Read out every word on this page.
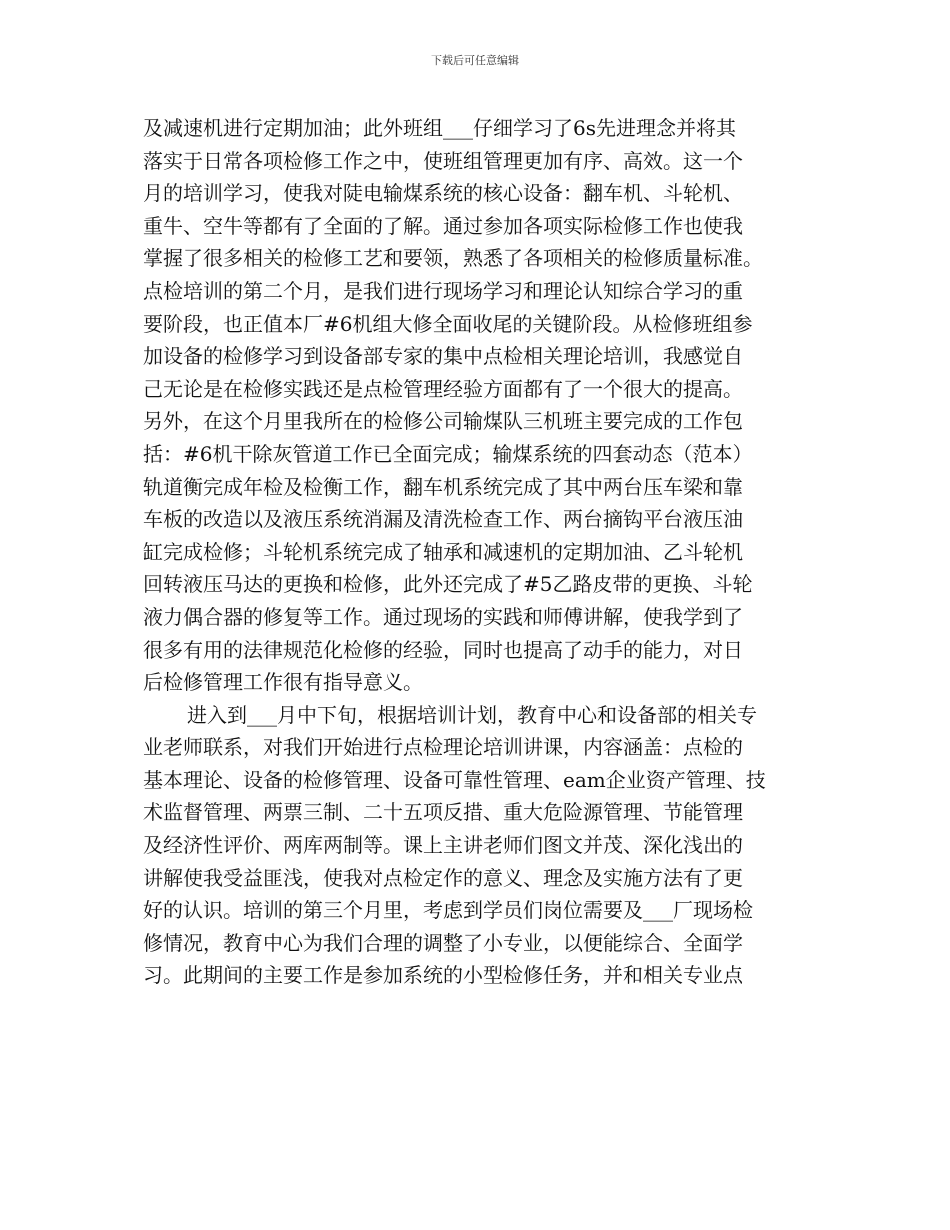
下载后可任意编辑
及减速机进行定期加油；此外班组___仔细学习了6s先进理念并将其
落实于日常各项检修工作之中，使班组管理更加有序、高效。这一个
月的培训学习，使我对陡电输煤系统的核心设备：翻车机、斗轮机、
重牛、空牛等都有了全面的了解。通过参加各项实际检修工作也使我
掌握了很多相关的检修工艺和要领，熟悉了各项相关的检修质量标准。
点检培训的第二个月，是我们进行现场学习和理论认知综合学习的重
要阶段，也正值本厂#6机组大修全面收尾的关键阶段。从检修班组参
加设备的检修学习到设备部专家的集中点检相关理论培训，我感觉自
己无论是在检修实践还是点检管理经验方面都有了一个很大的提高。
另外，在这个月里我所在的检修公司输煤队三机班主要完成的工作包
括：#6机干除灰管道工作已全面完成；输煤系统的四套动态（范本）
轨道衡完成年检及检衡工作，翻车机系统完成了其中两台压车梁和靠
车板的改造以及液压系统消漏及清洗检查工作、两台摘钩平台液压油
缸完成检修；斗轮机系统完成了轴承和减速机的定期加油、乙斗轮机
回转液压马达的更换和检修，此外还完成了#5乙路皮带的更换、斗轮
液力偶合器的修复等工作。通过现场的实践和师傅讲解，使我学到了
很多有用的法律规范化检修的经验，同时也提高了动手的能力，对日
后检修管理工作很有指导意义。
进入到___月中下旬，根据培训计划，教育中心和设备部的相关专
业老师联系，对我们开始进行点检理论培训讲课，内容涵盖：点检的
基本理论、设备的检修管理、设备可靠性管理、eam企业资产管理、技
术监督管理、两票三制、二十五项反措、重大危险源管理、节能管理
及经济性评价、两库两制等。课上主讲老师们图文并茂、深化浅出的
讲解使我受益匪浅，使我对点检定作的意义、理念及实施方法有了更
好的认识。培训的第三个月里，考虑到学员们岗位需要及___厂现场检
修情况，教育中心为我们合理的调整了小专业，以便能综合、全面学
习。此期间的主要工作是参加系统的小型检修任务，并和相关专业点
